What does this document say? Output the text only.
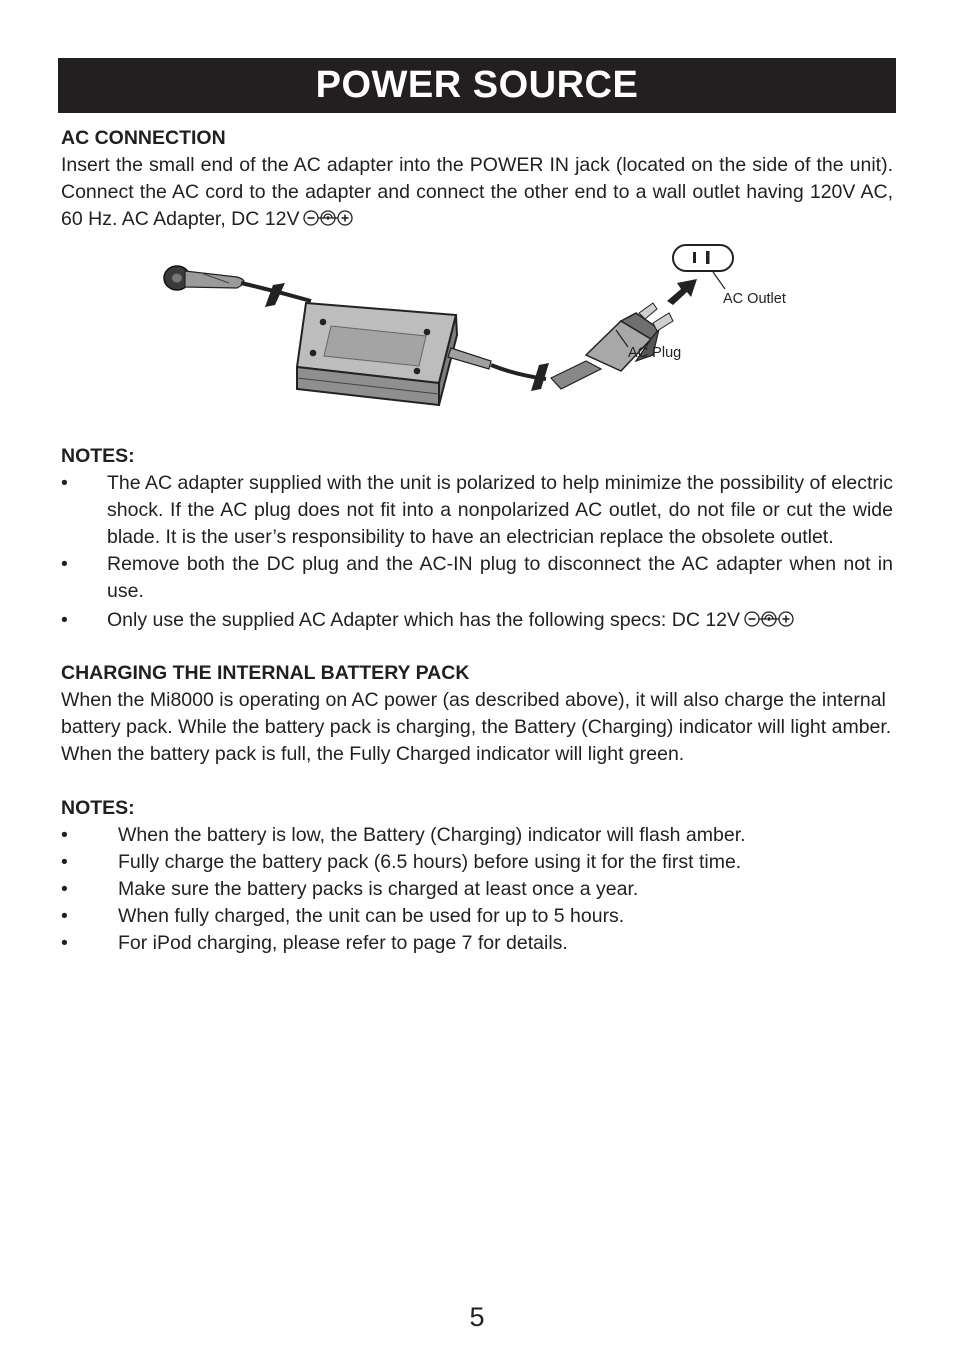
POWER SOURCE

AC CONNECTION

Insert the small end of the AC adapter into the POWER IN jack (located on the side of the unit). Connect the AC cord to the adapter and connect the other end to a wall outlet having 120V AC, 60 Hz. AC Adapter, DC 12V

AC Outlet
AC Plug

NOTES:

• The AC adapter supplied with the unit is polarized to help minimize the possibility of electric shock. If the AC plug does not fit into a nonpolarized AC outlet, do not file or cut the wide blade. It is the user’s responsibility to have an electrician replace the obsolete outlet.
• Remove both the DC plug and the AC-IN plug to disconnect the AC adapter when not in use.
• Only use the supplied AC Adapter which has the following specs: DC 12V

CHARGING THE INTERNAL BATTERY PACK

When the Mi8000 is operating on AC power (as described above), it will also charge the internal battery pack. While the battery pack is charging, the Battery (Charging) indicator will light amber. When the battery pack is full, the Fully Charged indicator will light green.

NOTES:

•	When the battery is low, the Battery (Charging) indicator will flash amber.
•	Fully charge the battery pack (6.5 hours) before using it for the first time.
•	Make sure the battery packs is charged at least once a year.
•	When fully charged, the unit can be used for up to 5 hours.
•	For iPod charging, please refer to page 7 for details.
5
